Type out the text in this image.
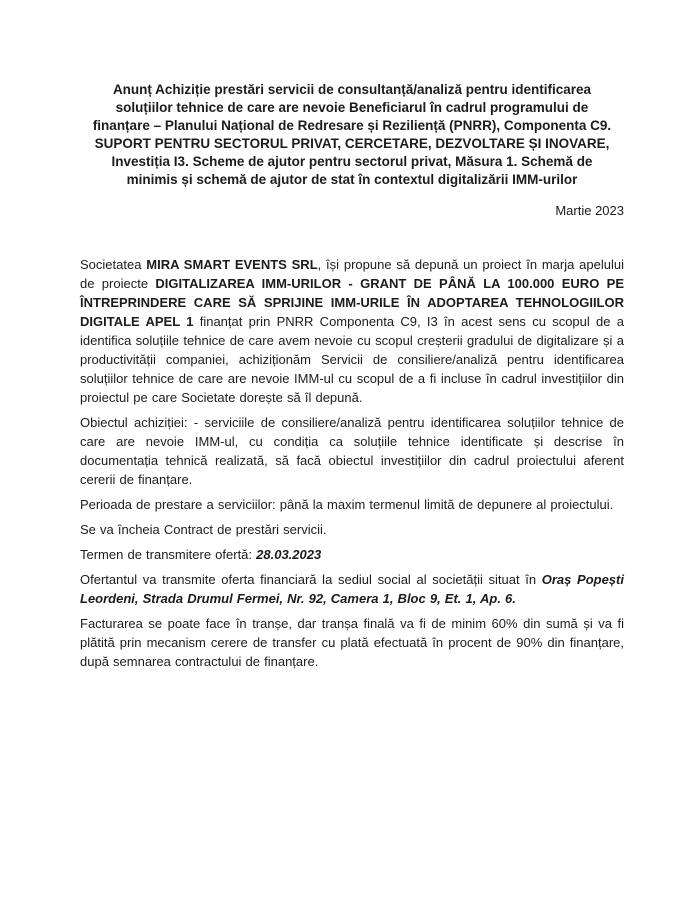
Anunț Achiziție prestări servicii de consultanță/analiză pentru identificarea
soluțiilor tehnice de care are nevoie Beneficiarul în cadrul programului de
finanțare – Planului Național de Redresare și Reziliență (PNRR), Componenta C9.
SUPORT PENTRU SECTORUL PRIVAT, CERCETARE, DEZVOLTARE ȘI INOVARE,
Investiția I3. Scheme de ajutor pentru sectorul privat, Măsura 1. Schemă de
minimis și schemă de ajutor de stat în contextul digitalizării IMM-urilor
Martie 2023

Societatea MIRA SMART EVENTS SRL, își propune să depună un proiect în marja apelului de proiecte DIGITALIZAREA IMM-URILOR - GRANT DE PÂNĂ LA 100.000 EURO PE ÎNTREPRINDERE CARE SĂ SPRIJINE IMM-URILE ÎN ADOPTAREA TEHNOLOGIILOR DIGITALE APEL 1 finanțat prin PNRR Componenta C9, I3 în acest sens cu scopul de a identifica soluțiile tehnice de care avem nevoie cu scopul creșterii gradului de digitalizare și a productivității companiei, achiziționăm Servicii de consiliere/analiză pentru identificarea soluțiilor tehnice de care are nevoie IMM-ul cu scopul de a fi incluse în cadrul investițiilor din proiectul pe care Societate dorește să îl depună.

Obiectul achiziției: - serviciile de consiliere/analiză pentru identificarea soluțiilor tehnice de care are nevoie IMM-ul, cu condiția ca soluțiile tehnice identificate și descrise în documentația tehnică realizată, să facă obiectul investițiilor din cadrul proiectului aferent cererii de finanțare.

Perioada de prestare a serviciilor: până la maxim termenul limită de depunere al proiectului.

Se va încheia Contract de prestări servicii.

Termen de transmitere ofertă: 28.03.2023

Ofertantul va transmite oferta financiară la sediul social al societății situat în Oraș Popești Leordeni, Strada Drumul Fermei, Nr. 92, Camera 1, Bloc 9, Et. 1, Ap. 6.

Facturarea se poate face în tranșe, dar tranșa finală va fi de minim 60% din sumă și va fi plătită prin mecanism cerere de transfer cu plată efectuată în procent de 90% din finanțare, după semnarea contractului de finanțare.
